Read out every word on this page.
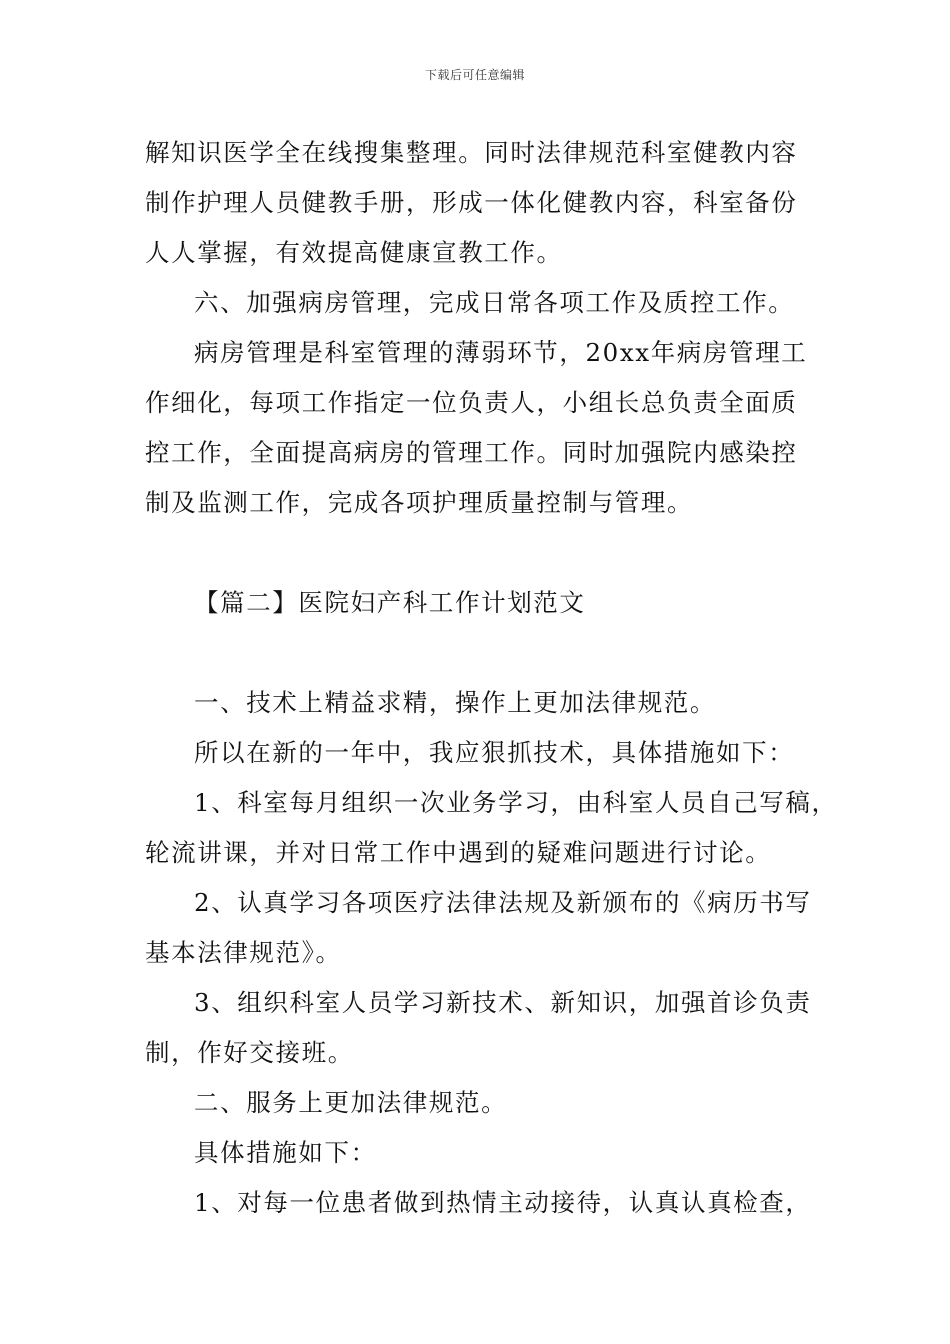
下载后可任意编辑

解知识医学全在线搜集整理。同时法律规范科室健教内容

制作护理人员健教手册，形成一体化健教内容，科室备份

人人掌握，有效提高健康宣教工作。

六、加强病房管理，完成日常各项工作及质控工作。

病房管理是科室管理的薄弱环节，20xx年病房管理工

作细化，每项工作指定一位负责人，小组长总负责全面质

控工作，全面提高病房的管理工作。同时加强院内感染控

制及监测工作，完成各项护理质量控制与管理。

【篇二】医院妇产科工作计划范文

一、技术上精益求精，操作上更加法律规范。

所以在新的一年中，我应狠抓技术，具体措施如下：

1、科室每月组织一次业务学习，由科室人员自己写稿，

轮流讲课，并对日常工作中遇到的疑难问题进行讨论。

2、认真学习各项医疗法律法规及新颁布的《病历书写

基本法律规范》。

3、组织科室人员学习新技术、新知识，加强首诊负责

制，作好交接班。

二、服务上更加法律规范。

具体措施如下：

1、对每一位患者做到热情主动接待，认真认真检查，
